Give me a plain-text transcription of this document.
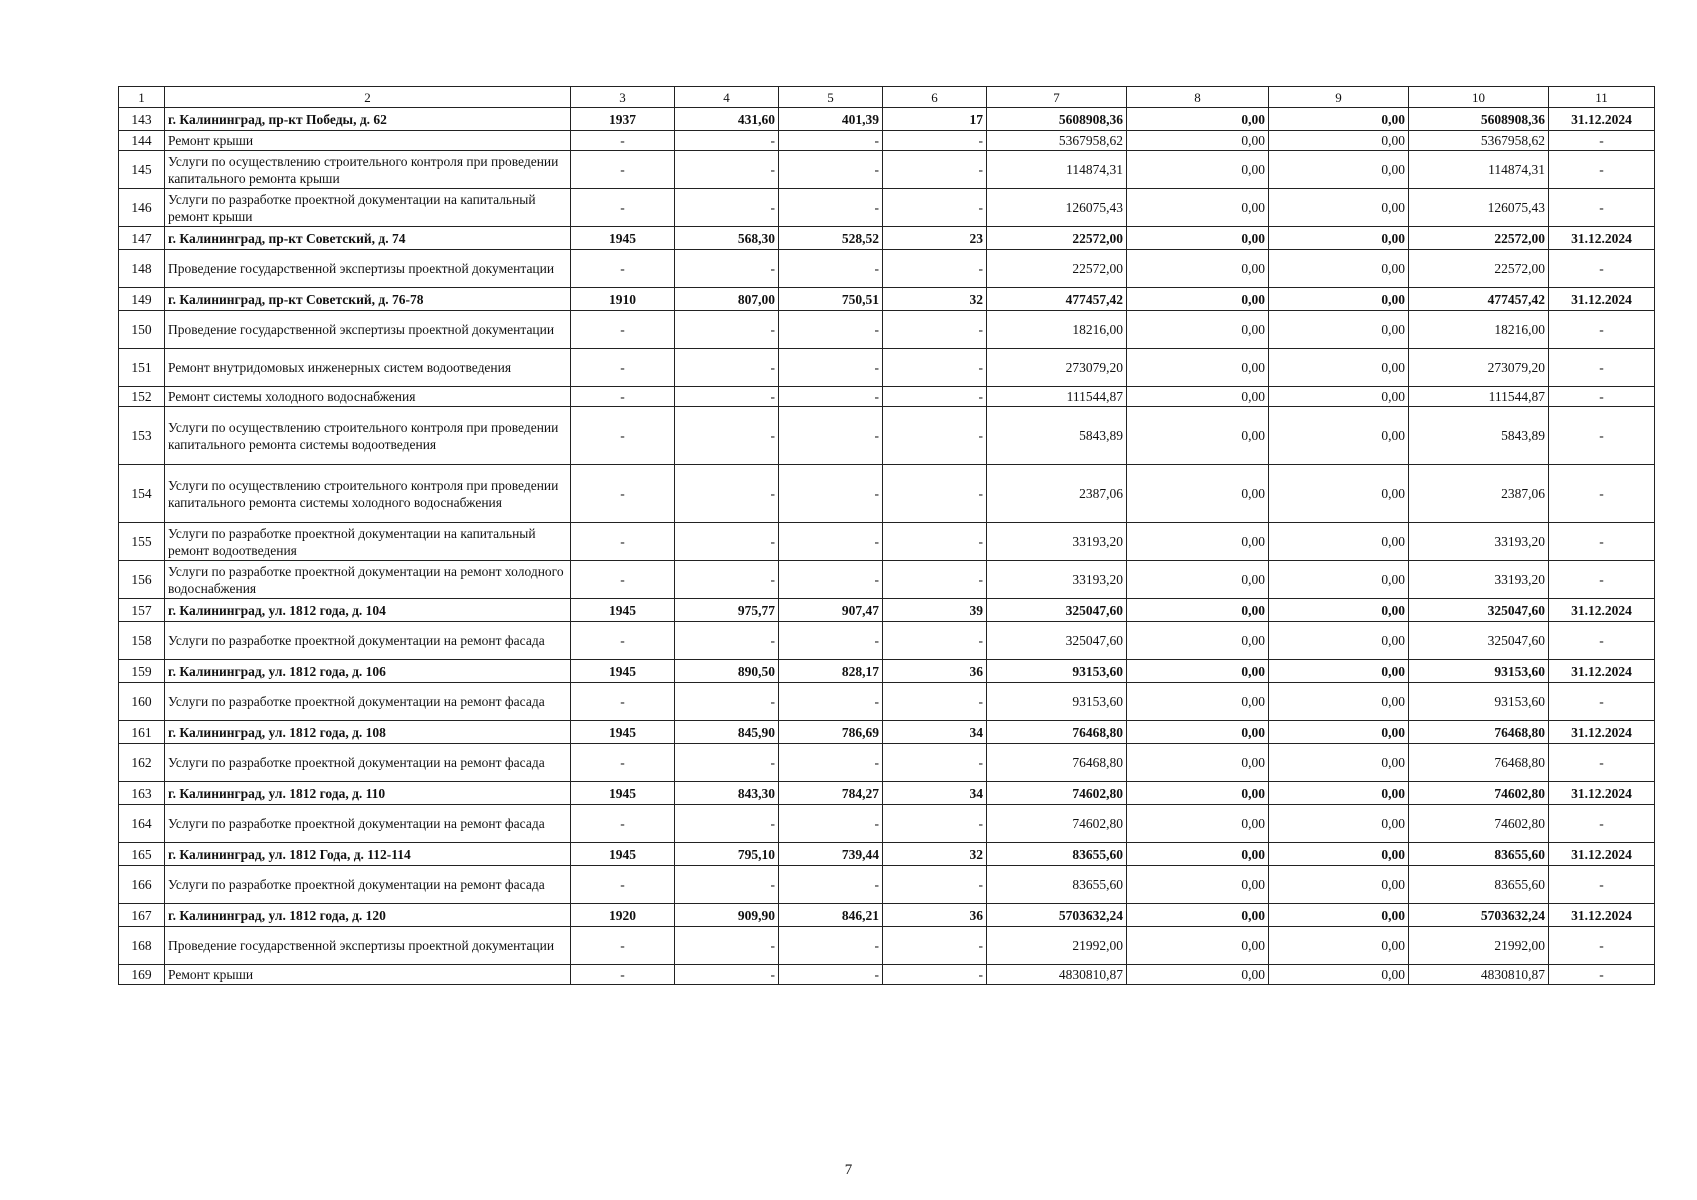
1	2	3	4	5	6	7	8	9	10	11
143	г. Калининград, пр-кт Победы, д. 62	1937	431,60	401,39	17	5608908,36	0,00	0,00	5608908,36	31.12.2024
144	Ремонт крыши	-	-	-	-	5367958,62	0,00	0,00	5367958,62	-
145	Услуги по осуществлению строительного контроля при проведении капитального ремонта крыши	-	-	-	-	114874,31	0,00	0,00	114874,31	-
146	Услуги по разработке проектной документации на капитальный ремонт крыши	-	-	-	-	126075,43	0,00	0,00	126075,43	-
147	г. Калининград, пр-кт Советский, д. 74	1945	568,30	528,52	23	22572,00	0,00	0,00	22572,00	31.12.2024
148	Проведение государственной экспертизы проектной документации	-	-	-	-	22572,00	0,00	0,00	22572,00	-
149	г. Калининград, пр-кт Советский, д. 76-78	1910	807,00	750,51	32	477457,42	0,00	0,00	477457,42	31.12.2024
150	Проведение государственной экспертизы проектной документации	-	-	-	-	18216,00	0,00	0,00	18216,00	-
151	Ремонт внутридомовых инженерных систем водоотведения	-	-	-	-	273079,20	0,00	0,00	273079,20	-
152	Ремонт системы холодного водоснабжения	-	-	-	-	111544,87	0,00	0,00	111544,87	-
153	Услуги по осуществлению строительного контроля при проведении капитального ремонта системы водоотведения	-	-	-	-	5843,89	0,00	0,00	5843,89	-
154	Услуги по осуществлению строительного контроля при проведении капитального ремонта системы холодного водоснабжения	-	-	-	-	2387,06	0,00	0,00	2387,06	-
155	Услуги по разработке проектной документации на капитальный ремонт водоотведения	-	-	-	-	33193,20	0,00	0,00	33193,20	-
156	Услуги по разработке проектной документации на ремонт холодного водоснабжения	-	-	-	-	33193,20	0,00	0,00	33193,20	-
157	г. Калининград, ул. 1812 года, д. 104	1945	975,77	907,47	39	325047,60	0,00	0,00	325047,60	31.12.2024
158	Услуги по разработке проектной документации на ремонт фасада	-	-	-	-	325047,60	0,00	0,00	325047,60	-
159	г. Калининград, ул. 1812 года, д. 106	1945	890,50	828,17	36	93153,60	0,00	0,00	93153,60	31.12.2024
160	Услуги по разработке проектной документации на ремонт фасада	-	-	-	-	93153,60	0,00	0,00	93153,60	-
161	г. Калининград, ул. 1812 года, д. 108	1945	845,90	786,69	34	76468,80	0,00	0,00	76468,80	31.12.2024
162	Услуги по разработке проектной документации на ремонт фасада	-	-	-	-	76468,80	0,00	0,00	76468,80	-
163	г. Калининград, ул. 1812 года, д. 110	1945	843,30	784,27	34	74602,80	0,00	0,00	74602,80	31.12.2024
164	Услуги по разработке проектной документации на ремонт фасада	-	-	-	-	74602,80	0,00	0,00	74602,80	-
165	г. Калининград, ул. 1812 Года, д. 112-114	1945	795,10	739,44	32	83655,60	0,00	0,00	83655,60	31.12.2024
166	Услуги по разработке проектной документации на ремонт фасада	-	-	-	-	83655,60	0,00	0,00	83655,60	-
167	г. Калининград, ул. 1812 года, д. 120	1920	909,90	846,21	36	5703632,24	0,00	0,00	5703632,24	31.12.2024
168	Проведение государственной экспертизы проектной документации	-	-	-	-	21992,00	0,00	0,00	21992,00	-
169	Ремонт крыши	-	-	-	-	4830810,87	0,00	0,00	4830810,87	-
7
